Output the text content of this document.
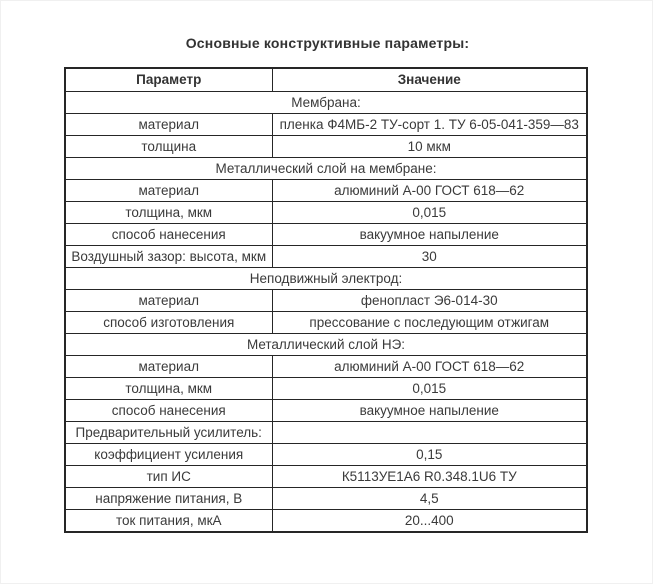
Основные конструктивные параметры:
Параметр	Значение
Мембрана:	
материал	пленка Ф4МБ-2 ТУ-сорт 1. ТУ 6-05-041-359—83
толщина	10 мкм
Металлический слой на мембране:	
материал	алюминий А-00 ГОСТ 618—62
толщина, мкм	0,015
способ нанесения	вакуумное напыление
Воздушный зазор: высота, мкм	30
Неподвижный электрод:	
материал	фенопласт Э6-014-30
способ изготовления	прессование с последующим отжигам
Металлический слой НЭ:	
материал	алюминий А-00 ГОСТ 618—62
толщина, мкм	0,015
способ нанесения	вакуумное напыление
Предварительный усилитель:	
коэффициент усиления	0,15
тип ИС	К5113УЕ1А6 R0.348.1U6 ТУ
напряжение питания, В	4,5
ток питания, мкА	20...400
